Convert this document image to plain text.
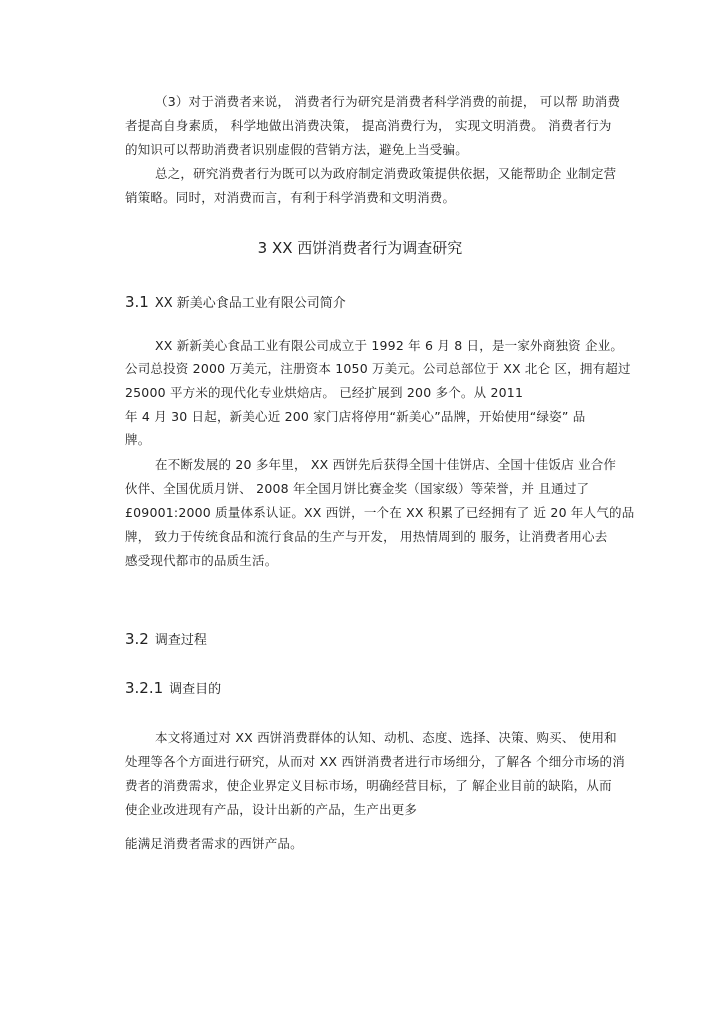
（3）对于消费者来说， 消费者行为研究是消费者科学消费的前提， 可以帮 助消费
者提高自身素质， 科学地做出消费决策， 提高消费行为， 实现文明消费。 消费者行为
的知识可以帮助消费者识别虚假的营销方法，避免上当受骗。
总之，研究消费者行为既可以为政府制定消费政策提供依据，又能帮助企 业制定营
销策略。同时，对消费而言，有利于科学消费和文明消费。
3 XX 西饼消费者行为调查研究
3.1 XX 新美心食品工业有限公司简介
XX 新新美心食品工业有限公司成立于 1992 年 6 月 8 日，是一家外商独资 企业。
公司总投资 2000 万美元，注册资本 1050 万美元。公司总部位于 XX 北仑 区，拥有超过
25000 平方米的现代化专业烘焙店。 已经扩展到 200 多个。从 2011
年 4 月 30 日起，新美心近 200 家门店将停用“新美心”品牌，开始使用“绿姿” 品
牌。
在不断发展的 20 多年里， XX 西饼先后获得全国十佳饼店、全国十佳饭店 业合作
伙伴、全国优质月饼、 2008 年全国月饼比赛金奖（国家级）等荣誉，并 且通过了
£09001:2000 质量体系认证。XX 西饼，一个在 XX 积累了已经拥有了 近 20 年人气的品
牌， 致力于传统食品和流行食品的生产与开发， 用热情周到的 服务，让消费者用心去
感受现代都市的品质生活。
3.2 调查过程
3.2.1 调查目的
本文将通过对 XX 西饼消费群体的认知、动机、态度、选择、决策、购买、 使用和
处理等各个方面进行研究，从而对 XX 西饼消费者进行市场细分，了解各 个细分市场的消
费者的消费需求，使企业界定义目标市场，明确经营目标，了 解企业目前的缺陷，从而
使企业改进现有产品，设计出新的产品，生产出更多
能满足消费者需求的西饼产品。
